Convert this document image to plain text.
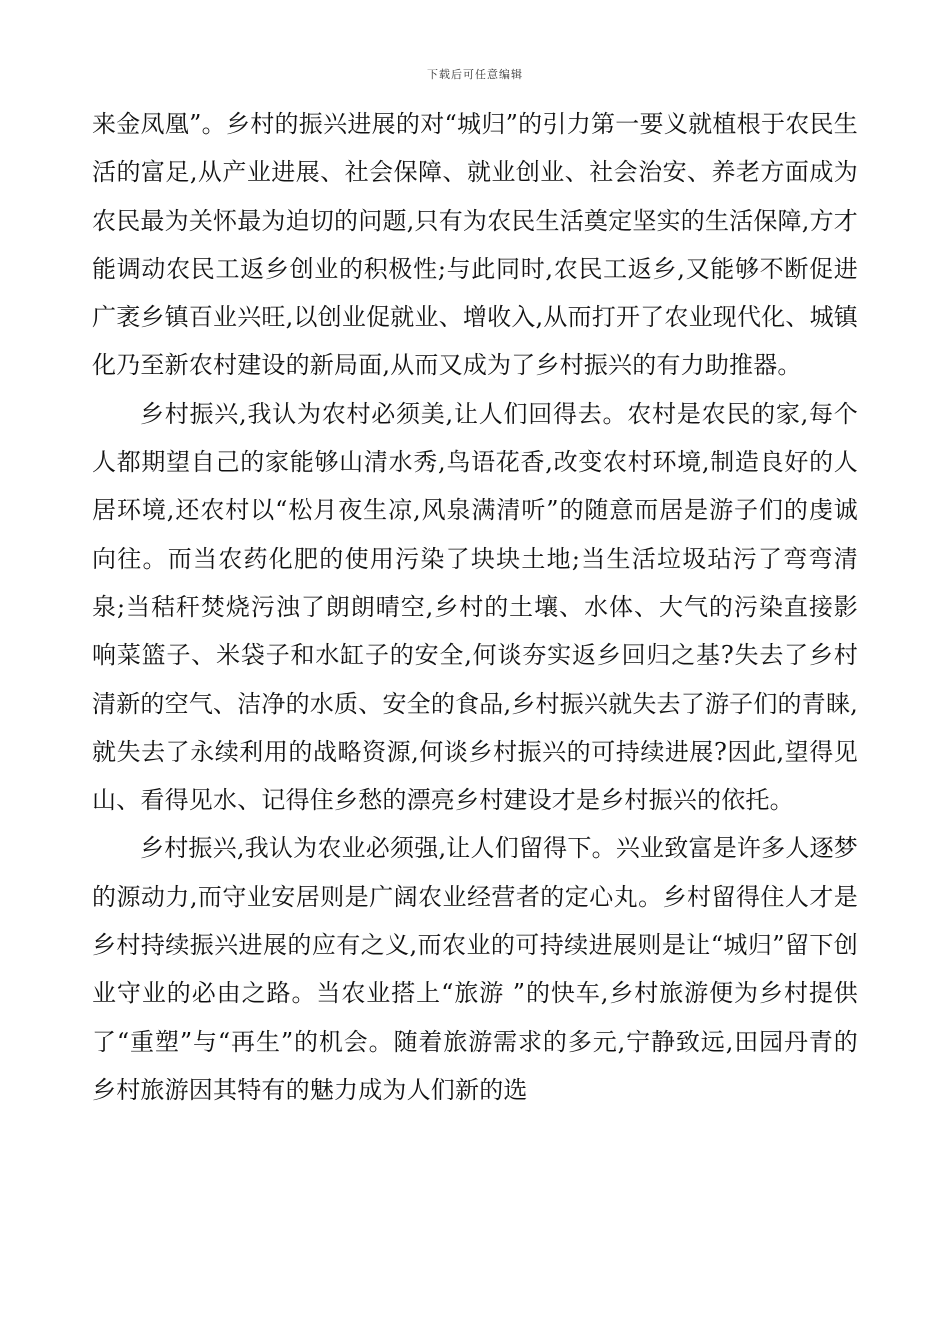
下载后可任意编辑

来金凤凰”。乡村的振兴进展的对“城归”的引力第一要义就植根于农民生活的富足,从产业进展、社会保障、就业创业、社会治安、养老方面成为农民最为关怀最为迫切的问题,只有为农民生活奠定坚实的生活保障,方才能调动农民工返乡创业的积极性;与此同时,农民工返乡,又能够不断促进广袤乡镇百业兴旺,以创业促就业、增收入,从而打开了农业现代化、城镇化乃至新农村建设的新局面,从而又成为了乡村振兴的有力助推器。

乡村振兴,我认为农村必须美,让人们回得去。农村是农民的家,每个人都期望自己的家能够山清水秀,鸟语花香,改变农村环境,制造良好的人居环境,还农村以“松月夜生凉,风泉满清听”的随意而居是游子们的虔诚向往。而当农药化肥的使用污染了块块土地;当生活垃圾玷污了弯弯清泉;当秸秆焚烧污浊了朗朗晴空,乡村的土壤、水体、大气的污染直接影响菜篮子、米袋子和水缸子的安全,何谈夯实返乡回归之基?失去了乡村清新的空气、洁净的水质、安全的食品,乡村振兴就失去了游子们的青睐,就失去了永续利用的战略资源,何谈乡村振兴的可持续进展?因此,望得见山、看得见水、记得住乡愁的漂亮乡村建设才是乡村振兴的依托。

乡村振兴,我认为农业必须强,让人们留得下。兴业致富是许多人逐梦的源动力,而守业安居则是广阔农业经营者的定心丸。乡村留得住人才是乡村持续振兴进展的应有之义,而农业的可持续进展则是让“城归”留下创业守业的必由之路。当农业搭上“旅游 ”的快车,乡村旅游便为乡村提供了“重塑”与“再生”的机会。随着旅游需求的多元,宁静致远,田园丹青的乡村旅游因其特有的魅力成为人们新的选
